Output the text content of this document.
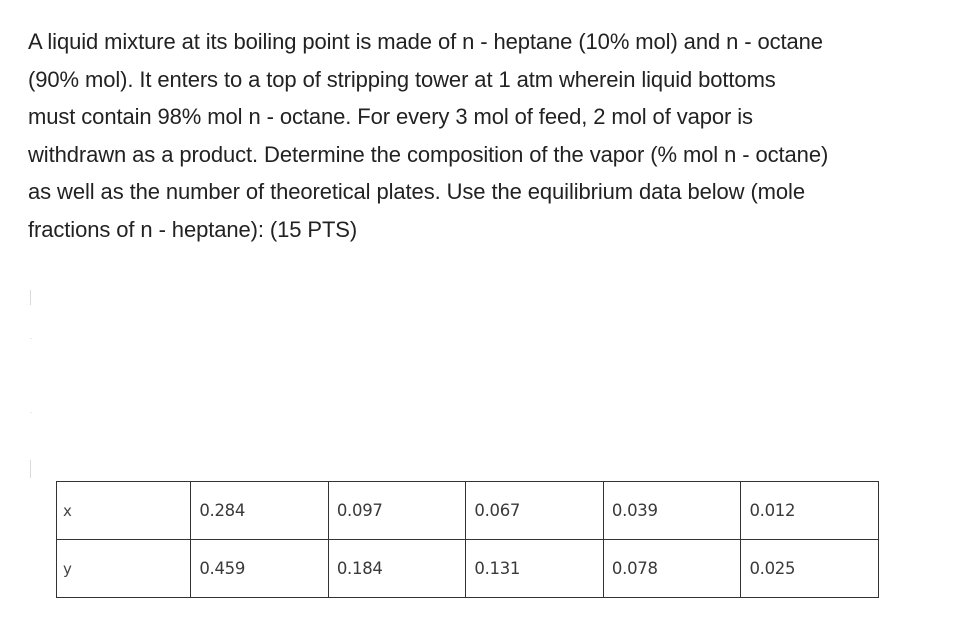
A liquid mixture at its boiling point is made of n - heptane (10% mol) and n - octane
(90% mol). It enters to a top of stripping tower at 1 atm wherein liquid bottoms
must contain 98% mol n - octane. For every 3 mol of feed, 2 mol of vapor is
withdrawn as a product. Determine the composition of the vapor (% mol n - octane)
as well as the number of theoretical plates. Use the equilibrium data below (mole
fractions of n - heptane): (15 PTS)
x	0.284	0.097	0.067	0.039	0.012
y	0.459	0.184	0.131	0.078	0.025
